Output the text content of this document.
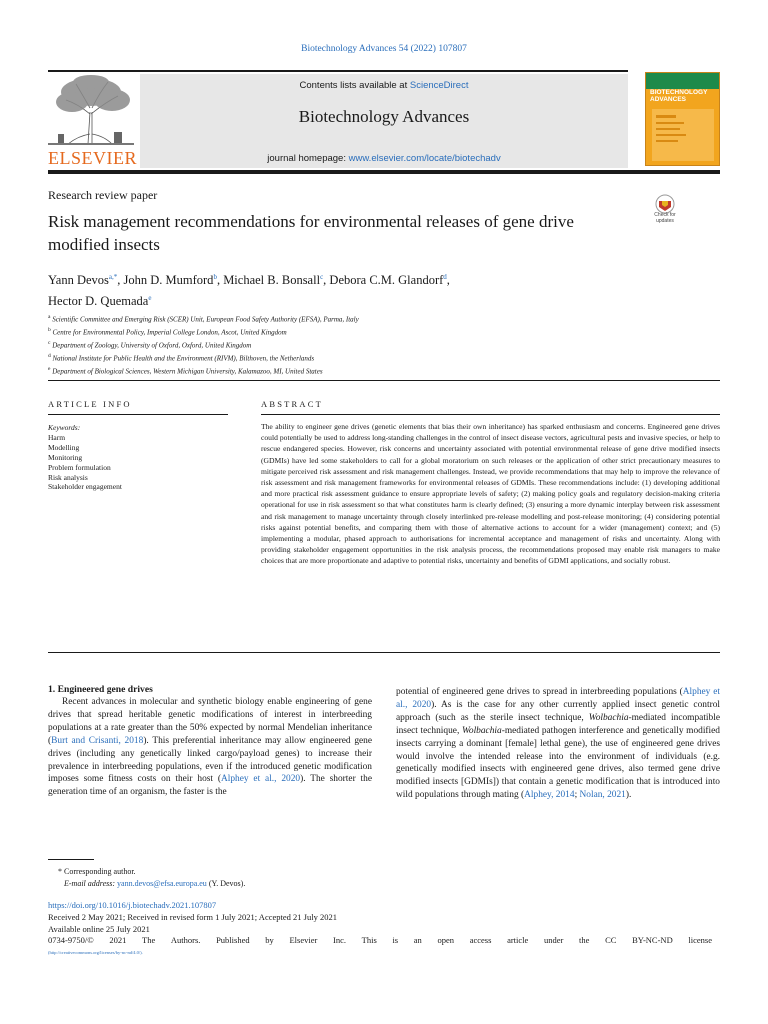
Biotechnology Advances 54 (2022) 107807
ELSEVIER
Contents lists available at ScienceDirect
Biotechnology Advances
journal homepage: www.elsevier.com/locate/biotechadv
BIOTECHNOLOGY ADVANCES
Research review paper
Risk management recommendations for environmental releases of gene drive modified insects
Check for updates
Yann Devos$^{a,*}$, John D. Mumford$^b$, Michael B. Bonsall$^c$, Debora C.M. Glandorf$^d$,
Hector D. Quemada$^e$
$^a$ Scientific Committee and Emerging Risk (SCER) Unit, European Food Safety Authority (EFSA), Parma, Italy
$^b$ Centre for Environmental Policy, Imperial College London, Ascot, United Kingdom
$^c$ Department of Zoology, University of Oxford, Oxford, United Kingdom
$^d$ National Institute for Public Health and the Environment (RIVM), Bilthoven, the Netherlands
$^e$ Department of Biological Sciences, Western Michigan University, Kalamazoo, MI, United States
ARTICLE INFO	ABSTRACT
Keywords:
Harm
Modelling
Monitoring
Problem formulation
Risk analysis
Stakeholder engagement
The ability to engineer gene drives (genetic elements that bias their own inheritance) has sparked enthusiasm and concerns. Engineered gene drives could potentially be used to address long-standing challenges in the control of insect disease vectors, agricultural pests and invasive species, or help to rescue endangered species. However, risk concerns and uncertainty associated with potential environmental release of gene drive modified insects (GDMIs) have led some stakeholders to call for a global moratorium on such releases or the application of other strict precautionary measures to mitigate perceived risk assessment and risk management challenges. Instead, we provide recommendations that may help to improve the relevance of risk assessment and risk management frameworks for environmental releases of GDMIs. These recommendations include: (1) developing additional and more practical risk assessment guidance to ensure appropriate levels of safety; (2) making policy goals and regulatory decision-making criteria operational for use in risk assessment so that what constitutes harm is clearly defined; (3) ensuring a more dynamic interplay between risk assessment and risk management to manage uncertainty through closely interlinked pre-release modelling and post-release monitoring; (4) considering potential risks against potential benefits, and comparing them with those of alternative actions to account for a wider (management) context; and (5) implementing a modular, phased approach to authorisations for incremental acceptance and management of risks and uncertainty. Along with providing stakeholder engagement opportunities in the risk analysis process, the recommendations proposed may enable risk managers to make choices that are more proportionate and adaptive to potential risks, uncertainty and benefits of GDMI applications, and socially robust.
1. Engineered gene drives
Recent advances in molecular and synthetic biology enable engineering of gene drives that spread heritable genetic modifications of interest in interbreeding populations at a rate greater than the 50% expected by normal Mendelian inheritance (Burt and Crisanti, 2018). This preferential inheritance may allow engineered gene drives (including any genetically linked cargo/payload genes) to increase their prevalence in interbreeding populations, even if the introduced genetic modification imposes some fitness costs on their host (Alphey et al., 2020). The shorter the generation time of an organism, the faster is the
potential of engineered gene drives to spread in interbreeding populations (Alphey et al., 2020). As is the case for any other currently applied insect genetic control approach (such as the sterile insect technique, Wolbachia-mediated incompatible insect technique, Wolbachia-mediated pathogen interference and genetically modified insects carrying a dominant [female] lethal gene), the use of engineered gene drives would involve the intended release into the environment of individuals (e.g. genetically modified insects with engineered gene drives, also termed gene drive modified insects [GDMIs]) that contain a genetic modification that is introduced into wild populations through mating (Alphey, 2014; Nolan, 2021).
* Corresponding author.
E-mail address: yann.devos@efsa.europa.eu (Y. Devos).
https://doi.org/10.1016/j.biotechadv.2021.107807
Received 2 May 2021; Received in revised form 1 July 2021; Accepted 21 July 2021
Available online 25 July 2021
0734-9750/© 2021 The Authors. Published by Elsevier Inc. This is an open access article under the CC BY-NC-ND license
(http://creativecommons.org/licenses/by-nc-nd/4.0/).
